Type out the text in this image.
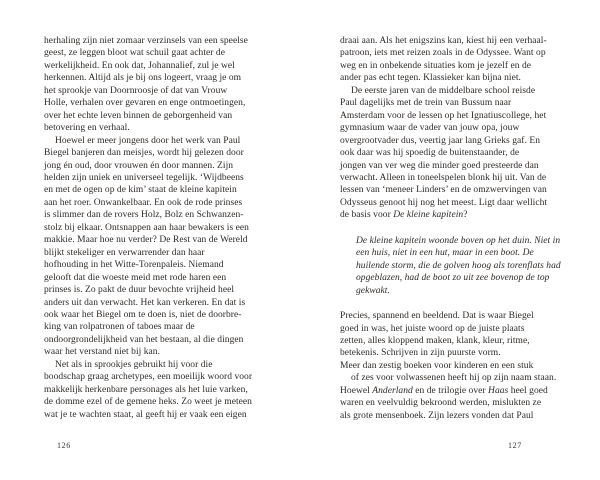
herhaling zijn niet zomaar verzinsels van een speelse
geest, ze leggen bloot wat schuil gaat achter de
werkelijkheid. En ook dat, Johannalief, zul je wel
herkennen. Altijd als je bij ons logeert, vraag je om
het sprookje van Doornroosje of dat van Vrouw
Holle, verhalen over gevaren en enge ontmoetingen,
over het echte leven binnen de geborgenheid van
betovering en verhaal.
Hoewel er meer jongens door het werk van Paul
Biegel banjeren dan meisjes, wordt hij gelezen door
jong én oud, door vrouwen én door mannen. Zijn
helden zijn uniek en universeel tegelijk. ‘Wijdbeens
en met de ogen op de kim’ staat de kleine kapitein
aan het roer. Onwankelbaar. En ook de rode prinses
is slimmer dan de rovers Holz, Bolz en Schwanzen-
stolz bij elkaar. Ontsnappen aan haar bewakers is een
makkie. Maar hoe nu verder? De Rest van de Wereld
blijkt stekeliger en verwarrender dan haar
hofhouding in het Witte-Torenpaleis. Niemand
gelooft dat die woeste meid met rode haren een
prinses is. Zo pakt de duur bevochte vrijheid heel
anders uit dan verwacht. Het kan verkeren. En dat is
ook waar het Biegel om te doen is, niet de doorbre-
king van rolpatronen of taboes maar de
ondoorgrondelijkheid van het bestaan, al die dingen
waar het verstand niet bij kan.
Net als in sprookjes gebruikt hij voor die
boodschap graag archetypes, een moeilijk woord voor
makkelijk herkenbare personages als het luie varken,
de domme ezel of de gemene heks. Zo weet je meteen
wat je te wachten staat, al geeft hij er vaak een eigen
126
draai aan. Als het enigszins kan, kiest hij een verhaal-
patroon, iets met reizen zoals in de Odyssee. Want op
weg en in onbekende situaties kom je jezelf en de
ander pas echt tegen. Klassieker kan bijna niet.
De eerste jaren van de middelbare school reisde
Paul dagelijks met de trein van Bussum naar
Amsterdam voor de lessen op het Ignatiuscollege, het
gymnasium waar de vader van jouw opa, jouw
overgrootvader dus, veertig jaar lang Grieks gaf. En
ook daar was hij spoedig de buitenstaander, de
jongen van ver weg die minder goed presteerde dan
verwacht. Alleen in toneelspelen blonk hij uit. Van de
lessen van ‘meneer Linders’ en de omzwervingen van
Odysseus genoot hij nog het meest. Ligt daar wellicht
de basis voor De kleine kapitein?
De kleine kapitein woonde boven op het duin. Niet in
een huis, niet in een hut, maar in een boot. De
huilende storm, die de golven hoog als torenflats had
opgeblazen, had de boot zo uit zee bovenop de top
gekwakt.
Precies, spannend en beeldend. Dat is waar Biegel
goed in was, het juiste woord op de juiste plaats
zetten, alles kloppend maken, klank, kleur, ritme,
betekenis. Schrijven in zijn puurste vorm.
Meer dan zestig boeken voor kinderen en een stuk
of zes voor volwassenen heeft hij op zijn naam staan.
Hoewel Anderland en de trilogie over Haas heel goed
waren en veelvuldig bekroond werden, mislukten ze
als grote mensenboek. Zijn lezers vonden dat Paul
127
